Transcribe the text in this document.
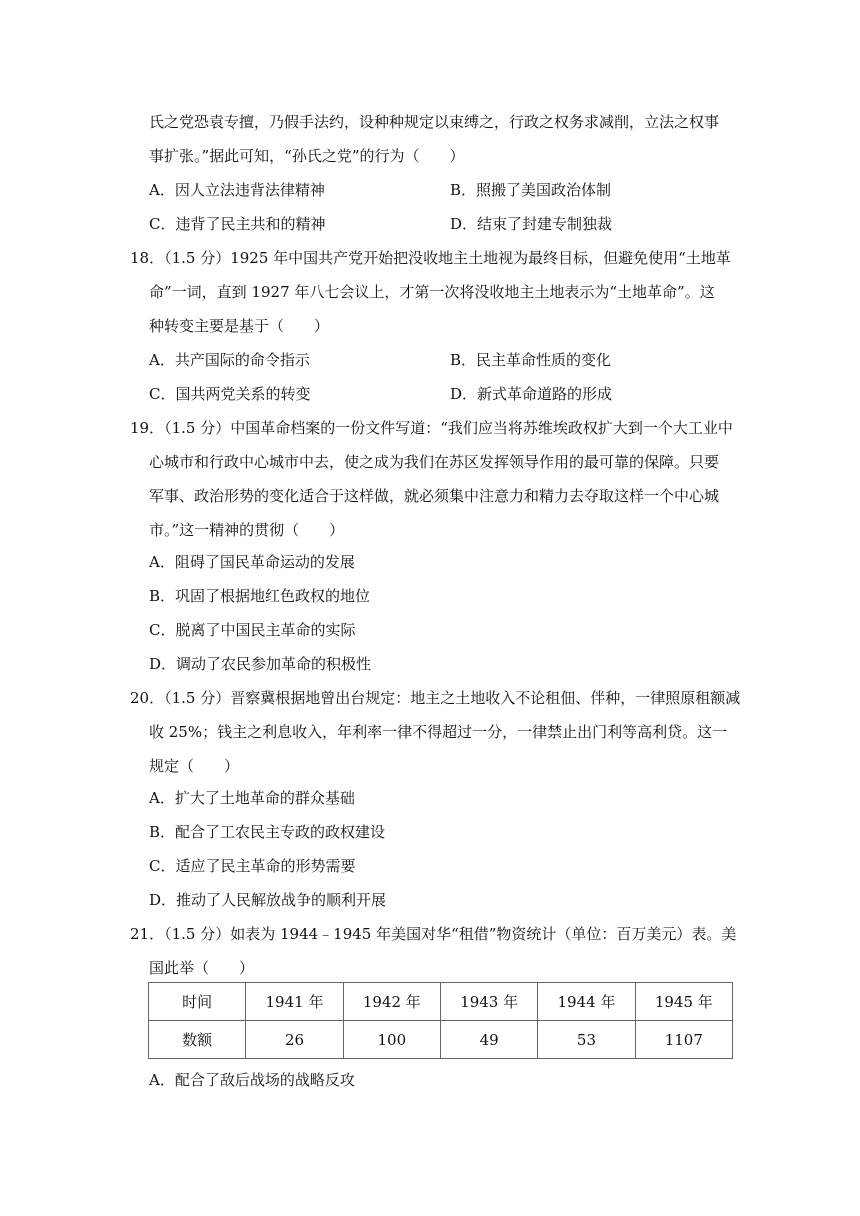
氏之党恐袁专擅，乃假手法约，设种种规定以束缚之，行政之权务求减削，立法之权事
事扩张。”据此可知，“孙氏之党”的行为（　　）
A．因人立法违背法律精神	B．照搬了美国政治体制
C．违背了民主共和的精神	D．结束了封建专制独裁
18．（1.5 分）1925 年中国共产党开始把没收地主土地视为最终目标，但避免使用“土地革
命”一词，直到 1927 年八七会议上，才第一次将没收地主土地表示为“土地革命”。这
种转变主要是基于（　　）
A．共产国际的命令指示	B．民主革命性质的变化
C．国共两党关系的转变	D．新式革命道路的形成
19．（1.5 分）中国革命档案的一份文件写道：“我们应当将苏维埃政权扩大到一个大工业中
心城市和行政中心城市中去，使之成为我们在苏区发挥领导作用的最可靠的保障。只要
军事、政治形势的变化适合于这样做，就必须集中注意力和精力去夺取这样一个中心城
市。”这一精神的贯彻（　　）
A．阻碍了国民革命运动的发展
B．巩固了根据地红色政权的地位
C．脱离了中国民主革命的实际
D．调动了农民参加革命的积极性
20．（1.5 分）晋察冀根据地曾出台规定：地主之土地收入不论租佃、伴种，一律照原租额减
收 25%；钱主之利息收入，年利率一律不得超过一分，一律禁止出门利等高利贷。这一
规定（　　）
A．扩大了土地革命的群众基础
B．配合了工农民主专政的政权建设
C．适应了民主革命的形势需要
D．推动了人民解放战争的顺利开展
21．（1.5 分）如表为 1944﹣1945 年美国对华“租借”物资统计（单位：百万美元）表。美
国此举（　　）
时间	1941 年	1942 年	1943 年	1944 年	1945 年
数额	26	100	49	53	1107
A．配合了敌后战场的战略反攻
